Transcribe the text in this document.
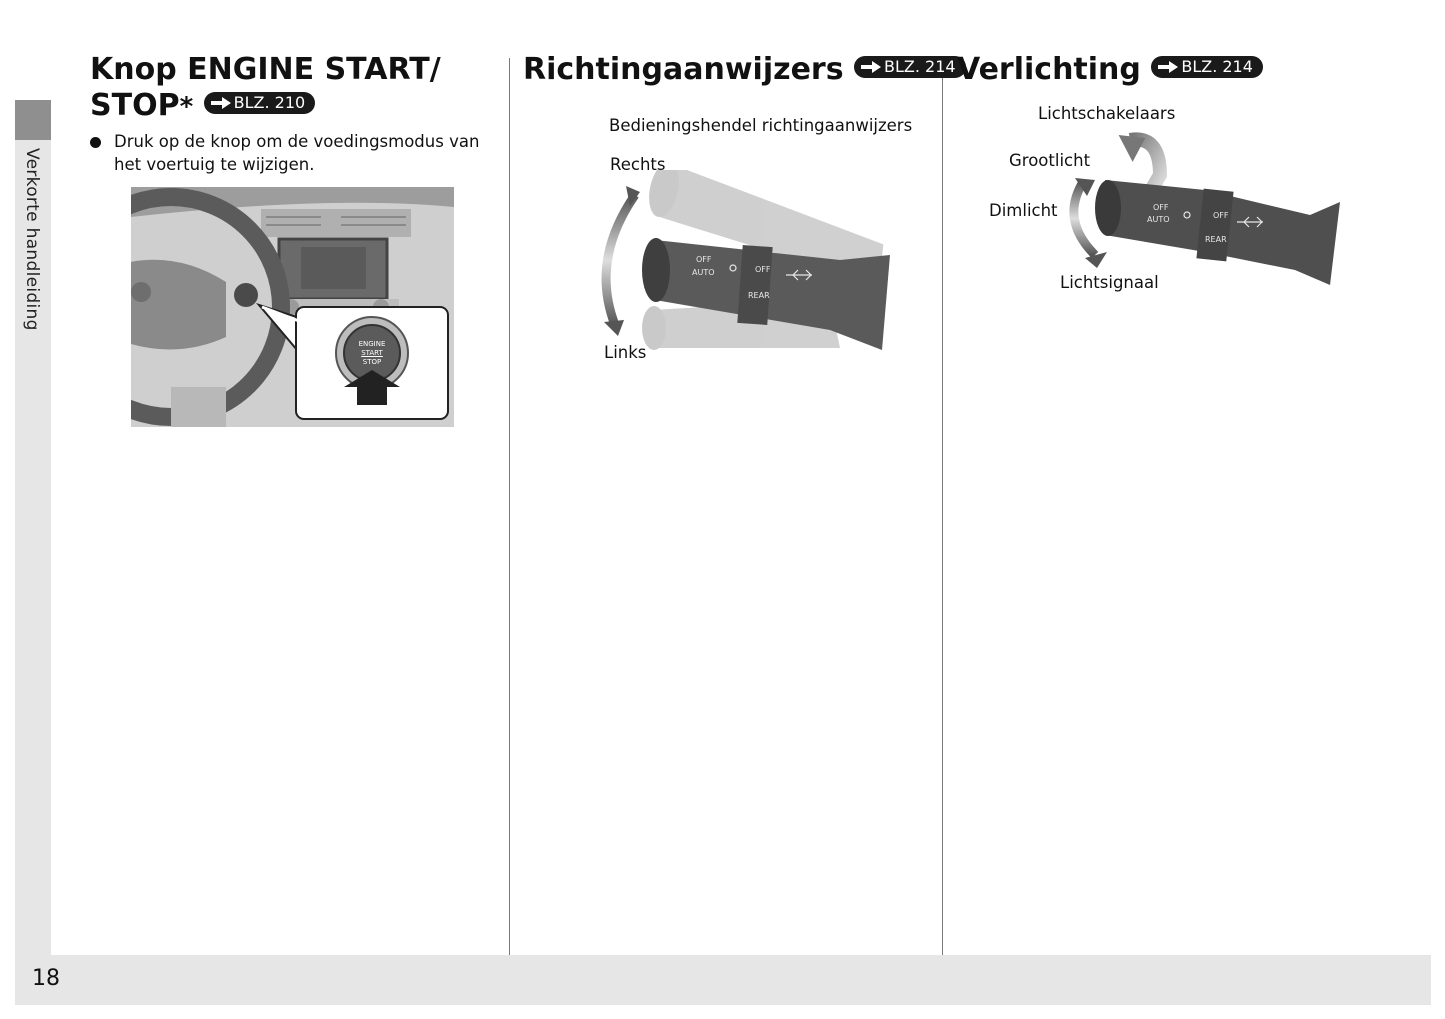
Verkorte handleiding
18
Knop ENGINE START/
STOP*	BLZ. 210
Druk op de knop om de voedingsmodus van het voertuig te wijzigen.
ENGINE
START
STOP
Richtingaanwijzers	BLZ. 214
Bedieningshendel richtingaanwijzers
Rechts
Links
OFF
AUTO	OFF
REAR
Verlichting	BLZ. 214
Lichtschakelaars
Grootlicht
Dimlicht
Lichtsignaal
OFF
AUTO	OFF
REAR
